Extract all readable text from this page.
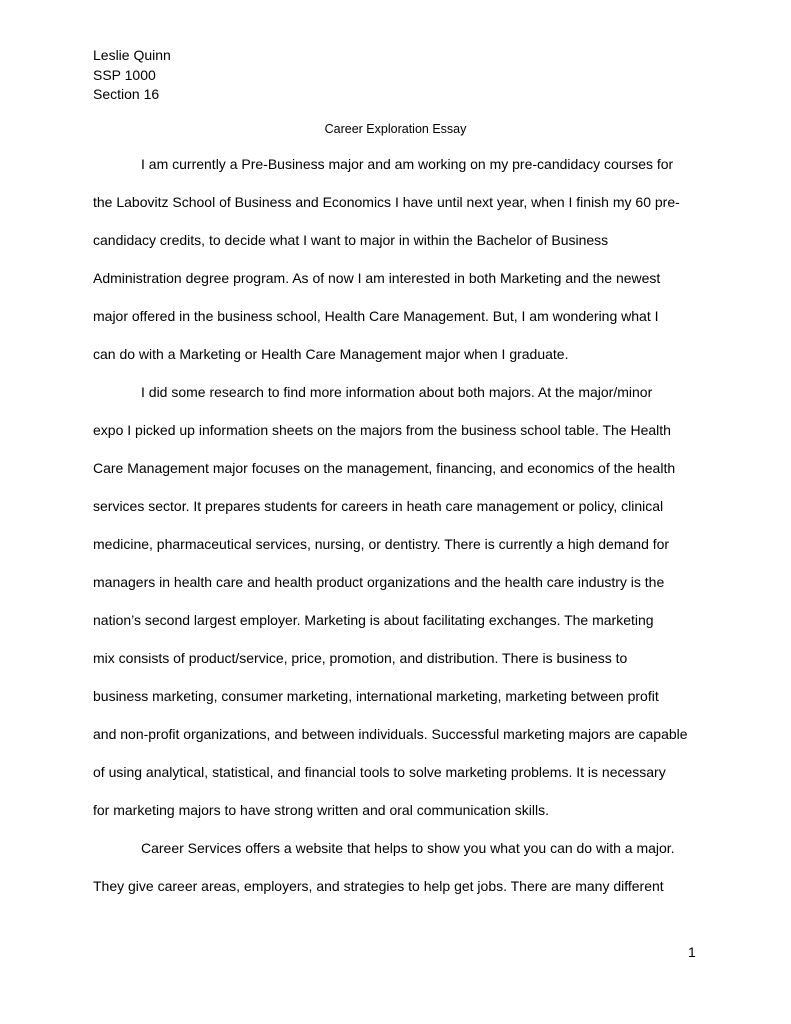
Leslie Quinn
SSP 1000
Section 16
Career Exploration Essay
I am currently a Pre-Business major and am working on my pre-candidacy courses for
the Labovitz School of Business and Economics I have until next year, when I finish my 60 pre-
candidacy credits, to decide what I want to major in within the Bachelor of Business
Administration degree program. As of now I am interested in both Marketing and the newest
major offered in the business school, Health Care Management. But, I am wondering what I
can do with a Marketing or Health Care Management major when I graduate.
I did some research to find more information about both majors. At the major/minor
expo I picked up information sheets on the majors from the business school table. The Health
Care Management major focuses on the management, financing, and economics of the health
services sector. It prepares students for careers in heath care management or policy, clinical
medicine, pharmaceutical services, nursing, or dentistry. There is currently a high demand for
managers in health care and health product organizations and the health care industry is the
nation’s second largest employer. Marketing is about facilitating exchanges. The marketing
mix consists of product/service, price, promotion, and distribution. There is business to
business marketing, consumer marketing, international marketing, marketing between profit
and non-profit organizations, and between individuals. Successful marketing majors are capable
of using analytical, statistical, and financial tools to solve marketing problems. It is necessary
for marketing majors to have strong written and oral communication skills.
Career Services offers a website that helps to show you what you can do with a major.
They give career areas, employers, and strategies to help get jobs. There are many different
1
